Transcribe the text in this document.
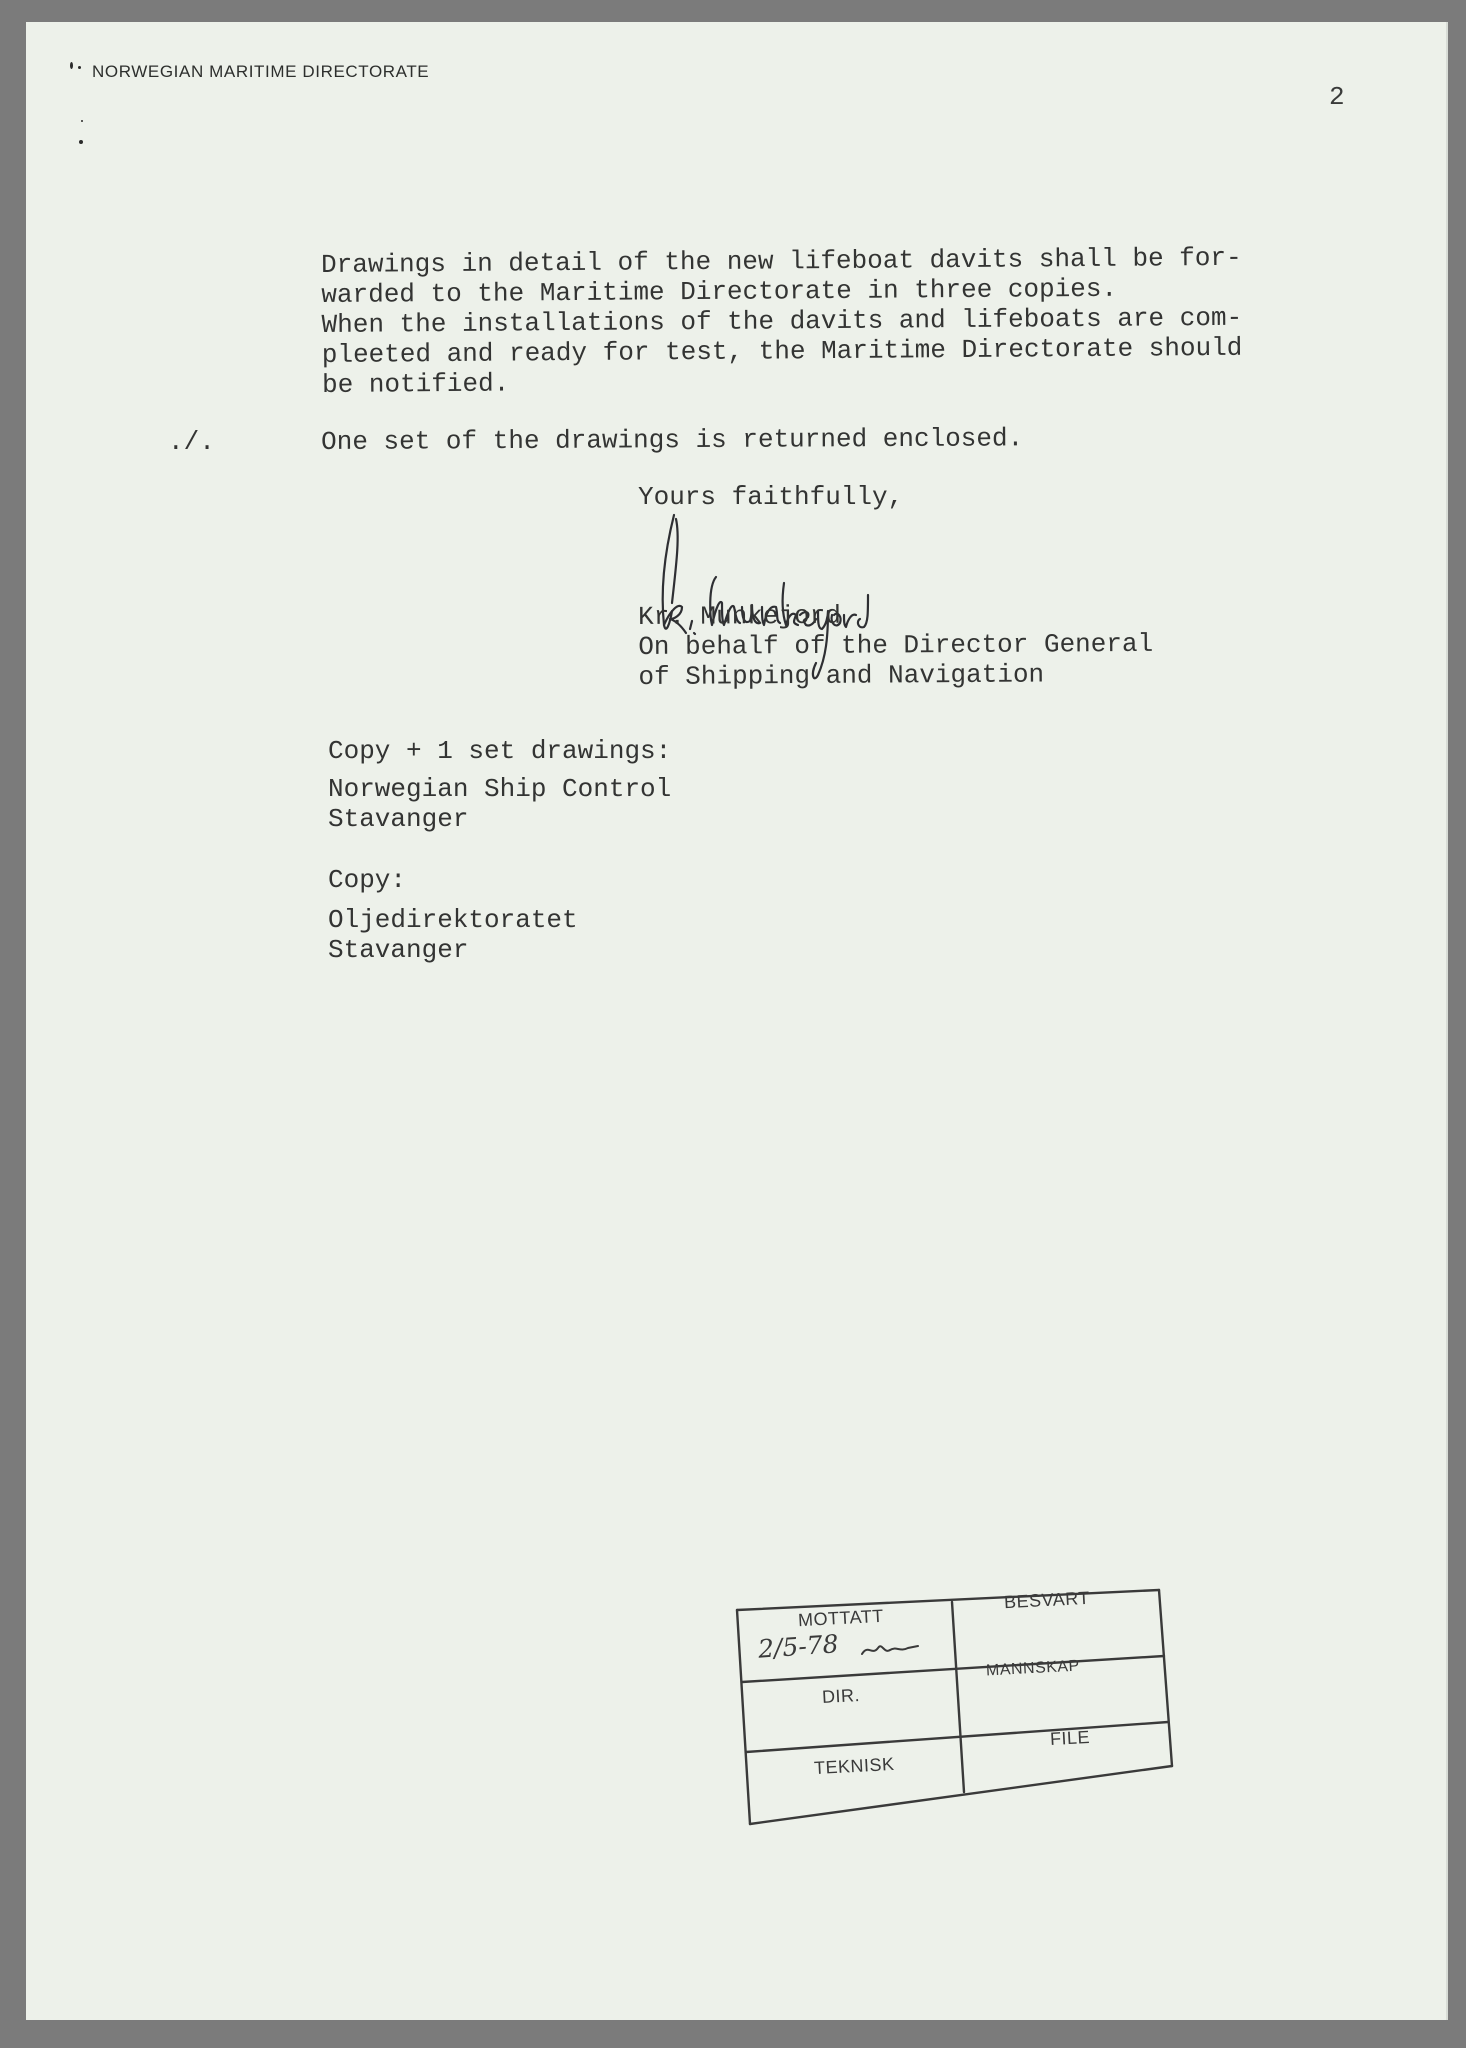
NORWEGIAN MARITIME DIRECTORATE
2
Drawings in detail of the new lifeboat davits shall be for-
warded to the Maritime Directorate in three copies.
When the installations of the davits and lifeboats are com-
pleeted and ready for test, the Maritime Directorate should
be notified.
./.	One set of the drawings is returned enclosed.
Yours faithfully,
Kr. Munkejord
On behalf of the Director General
of Shipping and Navigation
Copy + 1 set drawings:
Norwegian Ship Control
Stavanger
Copy:
Oljedirektoratet
Stavanger
MOTTATT
2/5-78
BESVART
DIR.
MANNSKAP
TEKNISK
FILE
